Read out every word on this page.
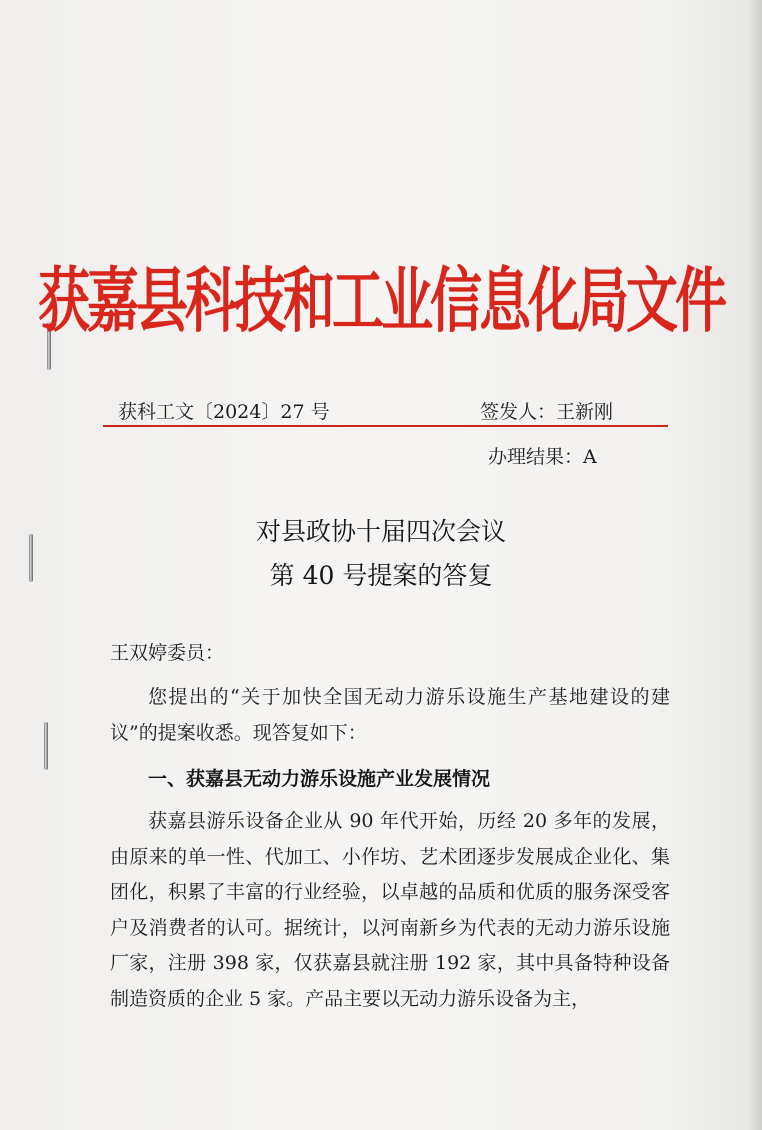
获嘉县科技和工业信息化局文件
获科工文〔2024〕27 号	签发人：王新刚
办理结果：A
对县政协十届四次会议
第 40 号提案的答复
王双婷委员：
您提出的“关于加快全国无动力游乐设施生产基地建设的建议”的提案收悉。现答复如下：
一、获嘉县无动力游乐设施产业发展情况
获嘉县游乐设备企业从 90 年代开始，历经 20 多年的发展，由原来的单一性、代加工、小作坊、艺术团逐步发展成企业化、集团化，积累了丰富的行业经验，以卓越的品质和优质的服务深受客户及消费者的认可。据统计，以河南新乡为代表的无动力游乐设施厂家，注册 398 家，仅获嘉县就注册 192 家，其中具备特种设备制造资质的企业 5 家。产品主要以无动力游乐设备为主，
